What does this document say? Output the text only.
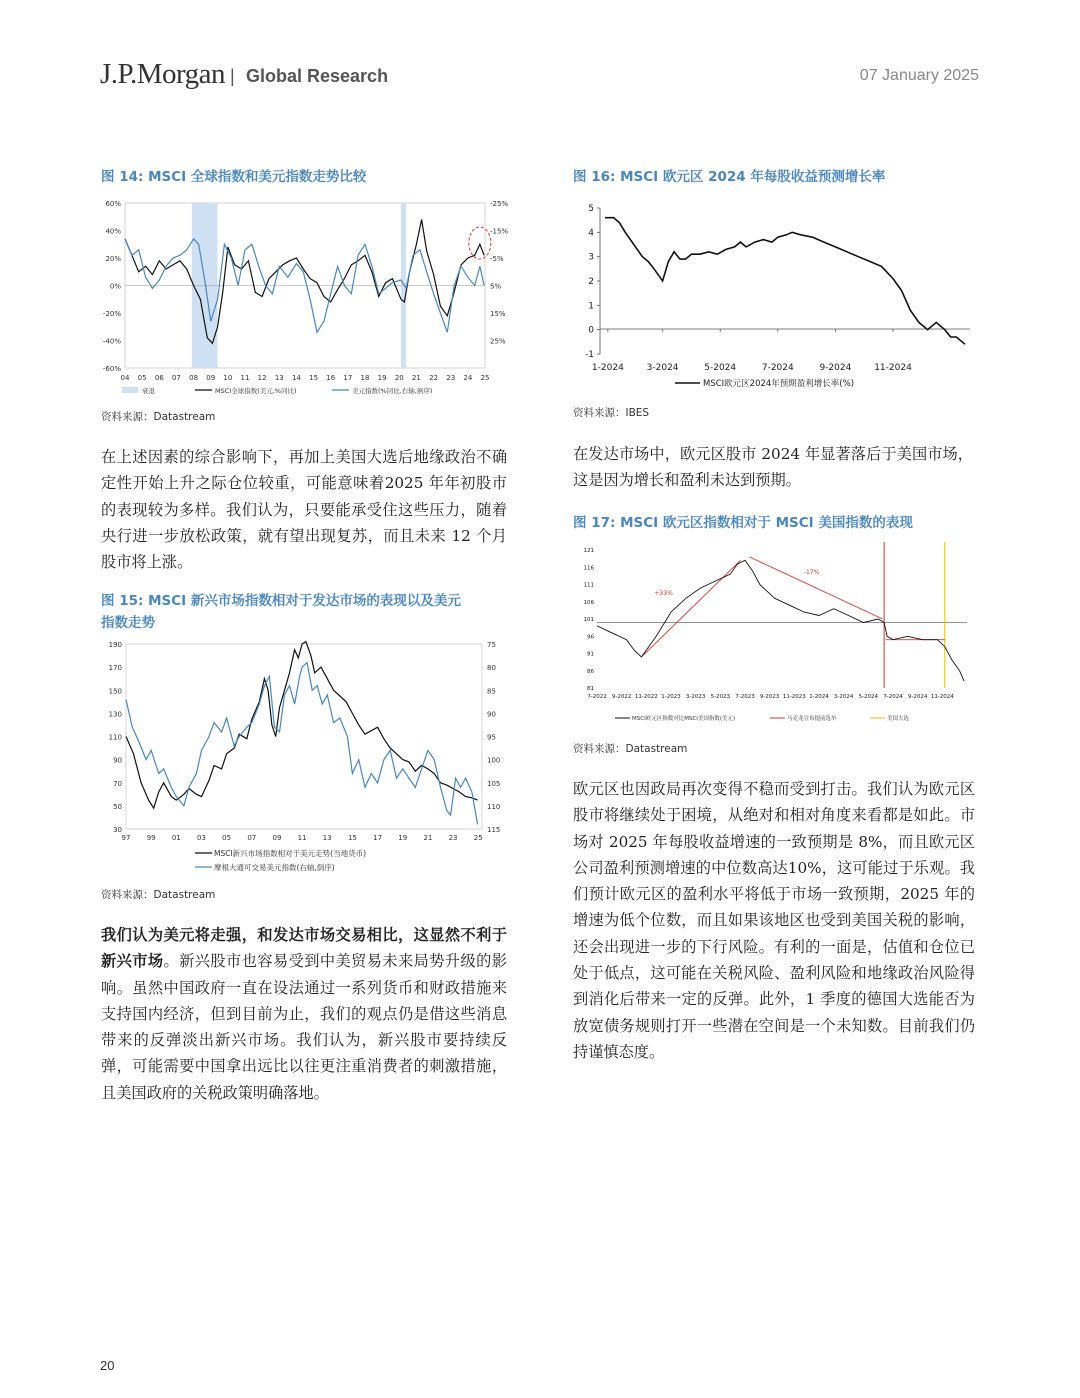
J.P.Morgan | Global Research	07 January 2025
图 14: MSCI 全球指数和美元指数走势比较
04 05 06 07 08 09 10 11 12 13 14 15 16 17 18 19 20 21 22 23 24 25
60%
40%
20%
0%
-20%
-40%
-60%
-25%
-15%
-5%
5%
15%
25%
衰退	MSCI全球指数(美元,%同比)	美元指数(%同比,右轴,倒序)
资料来源：Datastream
在上述因素的综合影响下，再加上美国大选后地缘政治不确定性开始上升之际仓位较重，可能意味着2025 年年初股市的表现较为多样。我们认为，只要能承受住这些压力，随着央行进一步放松政策，就有望出现复苏，而且未来 12 个月股市将上涨。
图 15: MSCI 新兴市场指数相对于发达市场的表现以及美元
指数走势
97 99 01 03 05 07 09 11 13 15 17 19 21 23 25
190
170
150
130
110
90
70
50
30
75
80
85
90
95
100
105
110
115
MSCI新兴市场指数相对于美元走势(当地货币)
摩根大通可交易美元指数(右轴,倒序)
资料来源：Datastream
我们认为美元将走强，和发达市场交易相比，这显然不利于新兴市场。新兴股市也容易受到中美贸易未来局势升级的影响。虽然中国政府一直在设法通过一系列货币和财政措施来支持国内经济，但到目前为止，我们的观点仍是借这些消息带来的反弹淡出新兴市场。我们认为，新兴股市要持续反弹，可能需要中国拿出远比以往更注重消费者的刺激措施，且美国政府的关税政策明确落地。
图 16: MSCI 欧元区 2024 年每股收益预测增长率
5
4
3
2
1
0
-1
1-2024	3-2024	5-2024	7-2024	9-2024	11-2024
MSCI欧元区2024年预期盈利增长率(%)
资料来源：IBES
在发达市场中，欧元区股市 2024 年显著落后于美国市场，这是因为增长和盈利未达到预期。
图 17: MSCI 欧元区指数相对于 MSCI 美国指数的表现
+33%
-17%
121
116
111
106
101
96
91
86
81
7-2022 9-2022 11-2022 1-2023 3-2023 5-2023 7-2023 9-2023 11-2023 1-2024 3-2024 5-2024 7-2024 9-2024 11-2024
MSCI欧元区指数对比MSCI美国指数(美元)	马克龙宣布提前选举	美国大选
资料来源：Datastream
欧元区也因政局再次变得不稳而受到打击。我们认为欧元区股市将继续处于困境，从绝对和相对角度来看都是如此。市场对 2025 年每股收益增速的一致预期是 8%，而且欧元区公司盈利预测增速的中位数高达10%，这可能过于乐观。我们预计欧元区的盈利水平将低于市场一致预期，2025 年的增速为低个位数，而且如果该地区也受到美国关税的影响，还会出现进一步的下行风险。有利的一面是，估值和仓位已处于低点，这可能在关税风险、盈利风险和地缘政治风险得到消化后带来一定的反弹。此外，1 季度的德国大选能否为放宽债务规则打开一些潜在空间是一个未知数。目前我们仍持谨慎态度。
20
